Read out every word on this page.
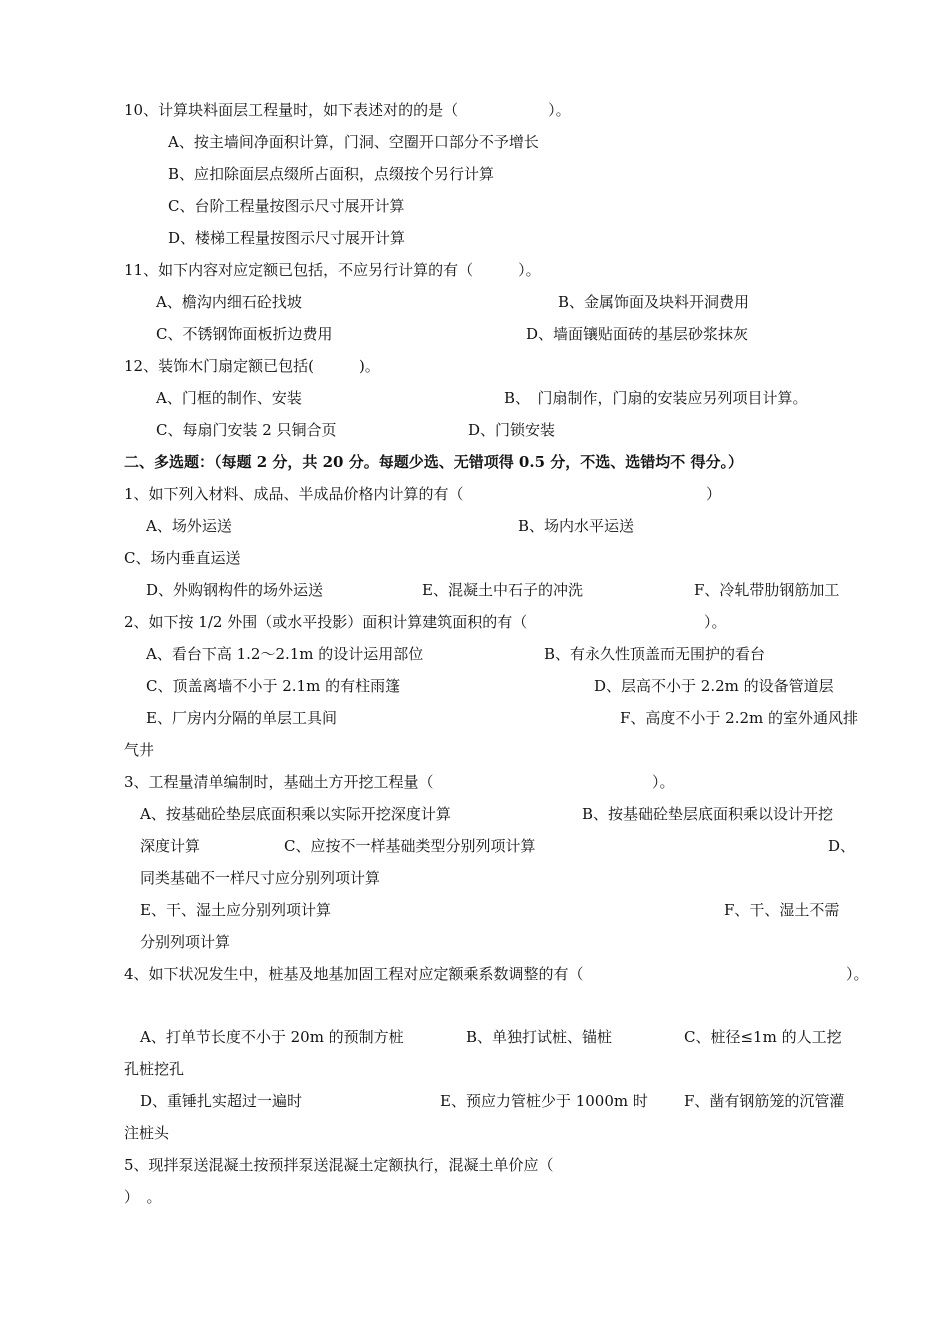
10、计算块料面层工程量时，如下表述对的的是（　　　　　　）。
A、按主墙间净面积计算，门洞、空圈开口部分不予增长
B、应扣除面层点缀所占面积，点缀按个另行计算
C、台阶工程量按图示尺寸展开计算
D、楼梯工程量按图示尺寸展开计算
11、如下内容对应定额已包括，不应另行计算的有（　　　）。
A、檐沟内细石砼找坡	B、金属饰面及块料开洞费用
C、不锈钢饰面板折边费用	D、墙面镶贴面砖的基层砂浆抹灰
12、装饰木门扇定额已包括(　　　)。
A、门框的制作、安装	B、　门扇制作，门扇的安装应另列项目计算。
C、每扇门安装 2 只铜合页	D、门锁安装
二、多选题：（每题 2 分，共 20 分。每题少选、无错项得 0.5 分，不选、选错均不 得分。）
1、如下列入材料、成品、半成品价格内计算的有（	）
A、场外运送	B、场内水平运送
C、场内垂直运送
D、外购钢构件的场外运送	E、混凝土中石子的冲洗	F、冷轧带肋钢筋加工
2、如下按 1/2 外围（或水平投影）面积计算建筑面积的有（	）。
A、看台下高 1.2～2.1m 的设计运用部位	B、有永久性顶盖而无围护的看台
C、顶盖离墙不小于 2.1m 的有柱雨篷	D、层高不小于 2.2m 的设备管道层
E、厂房内分隔的单层工具间	F、高度不小于 2.2m 的室外通风排
气井
3、工程量清单编制时，基础土方开挖工程量（	）。
A、按基础砼垫层底面积乘以实际开挖深度计算	B、按基础砼垫层底面积乘以设计开挖
深度计算	C、应按不一样基础类型分别列项计算	D、
同类基础不一样尺寸应分别列项计算
E、干、湿土应分别列项计算	F、干、湿土不需
分别列项计算
4、如下状况发生中，桩基及地基加固工程对应定额乘系数调整的有（	）。
A、打单节长度不小于 20m 的预制方桩	B、单独打试桩、锚桩	C、桩径≤1m 的人工挖
孔桩挖孔
D、重锤扎实超过一遍时	E、预应力管桩少于 1000m 时 F、凿有钢筋笼的沉管灌
注桩头
5、现拌泵送混凝土按预拌泵送混凝土定额执行，混凝土单价应（
）　。
